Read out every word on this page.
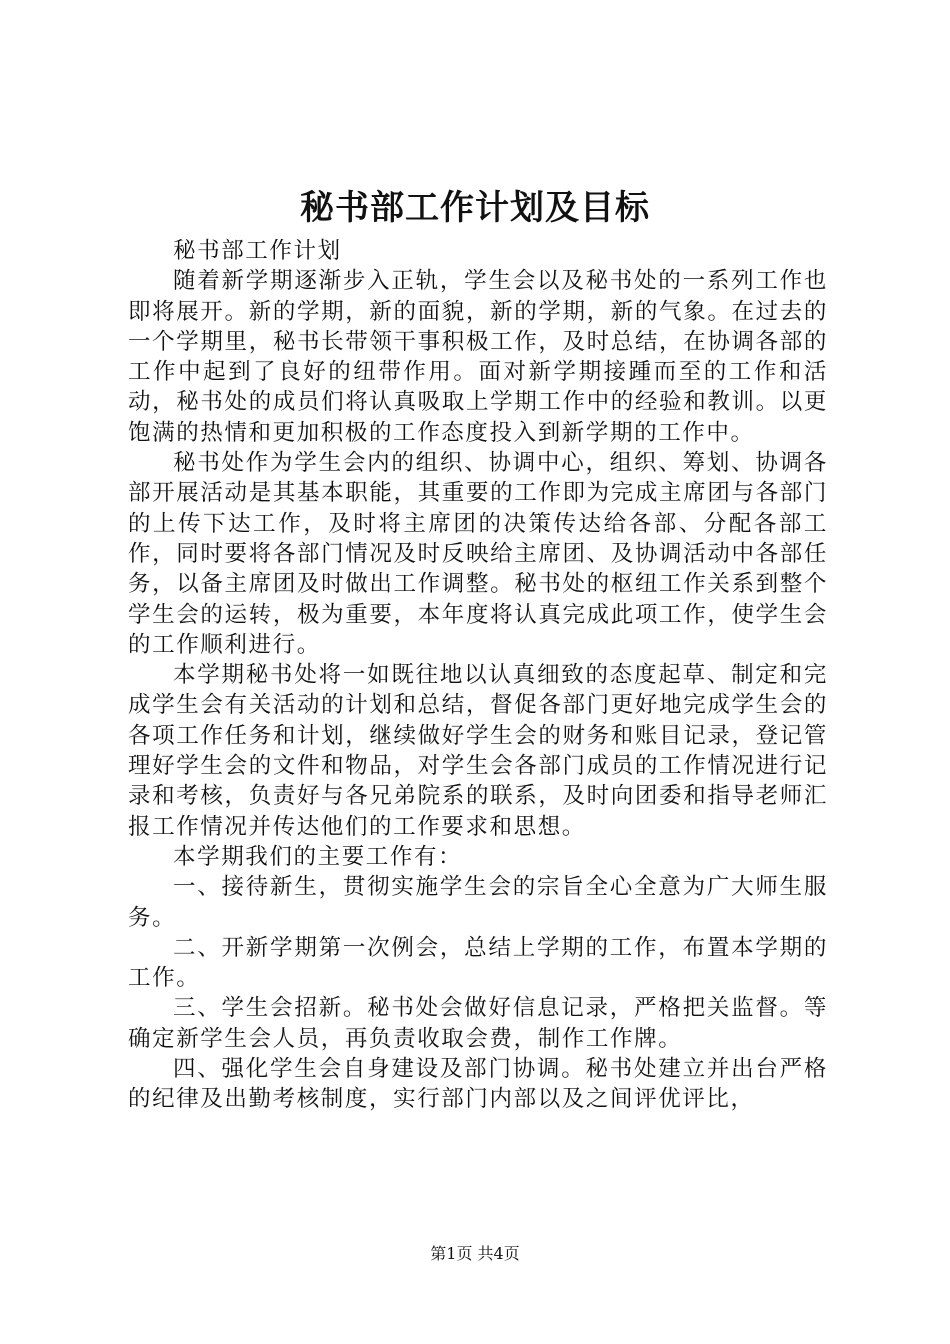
秘书部工作计划及目标

秘书部工作计划

随着新学期逐渐步入正轨，学生会以及秘书处的一系列工作也即将展开。新的学期，新的面貌，新的学期，新的气象。在过去的一个学期里，秘书长带领干事积极工作，及时总结，在协调各部的工作中起到了良好的纽带作用。面对新学期接踵而至的工作和活动，秘书处的成员们将认真吸取上学期工作中的经验和教训。以更饱满的热情和更加积极的工作态度投入到新学期的工作中。

秘书处作为学生会内的组织、协调中心，组织、筹划、协调各部开展活动是其基本职能，其重要的工作即为完成主席团与各部门的上传下达工作，及时将主席团的决策传达给各部、分配各部工作，同时要将各部门情况及时反映给主席团、及协调活动中各部任务，以备主席团及时做出工作调整。秘书处的枢纽工作关系到整个学生会的运转，极为重要，本年度将认真完成此项工作，使学生会的工作顺利进行。

本学期秘书处将一如既往地以认真细致的态度起草、制定和完成学生会有关活动的计划和总结，督促各部门更好地完成学生会的各项工作任务和计划，继续做好学生会的财务和账目记录，登记管理好学生会的文件和物品，对学生会各部门成员的工作情况进行记录和考核，负责好与各兄弟院系的联系，及时向团委和指导老师汇报工作情况并传达他们的工作要求和思想。

本学期我们的主要工作有：

一、接待新生，贯彻实施学生会的宗旨全心全意为广大师生服务。

二、开新学期第一次例会，总结上学期的工作，布置本学期的工作。

三、学生会招新。秘书处会做好信息记录，严格把关监督。等确定新学生会人员，再负责收取会费，制作工作牌。

四、强化学生会自身建设及部门协调。秘书处建立并出台严格的纪律及出勤考核制度，实行部门内部以及之间评优评比，

第1页 共4页
